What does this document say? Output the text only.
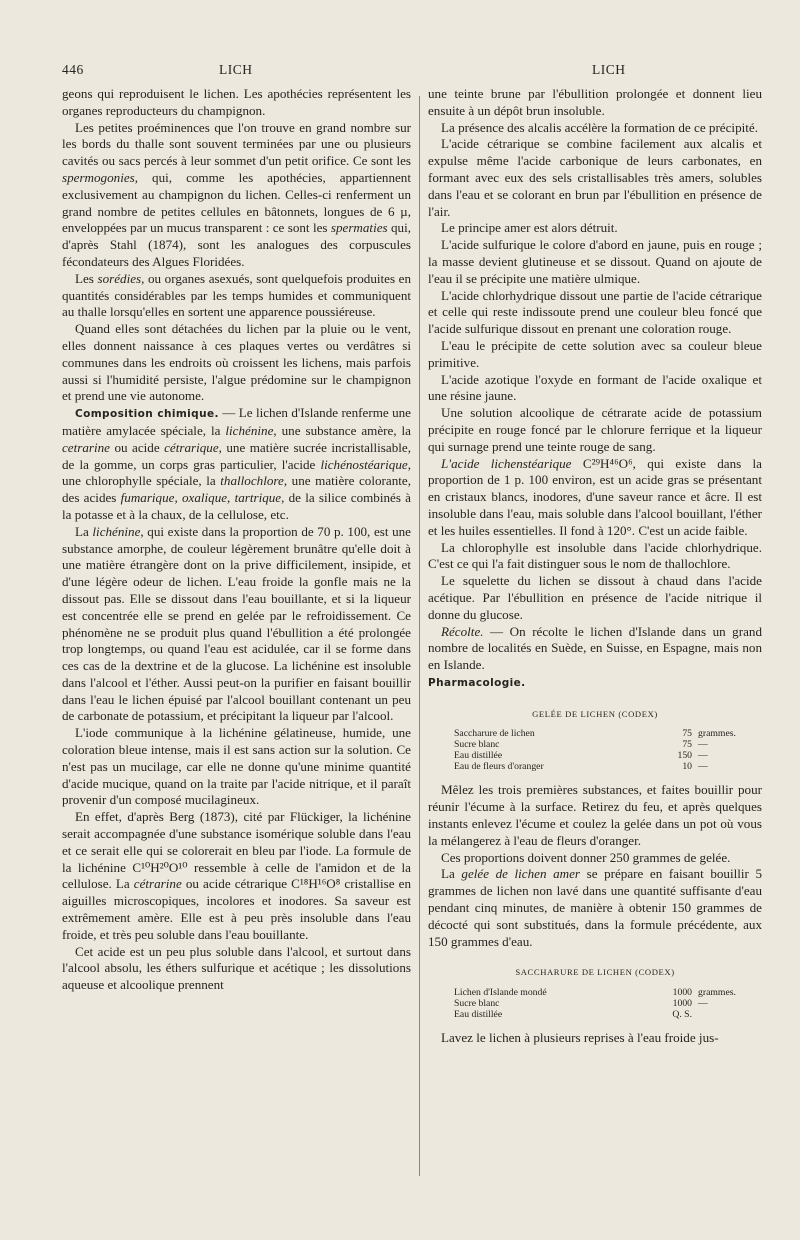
446	LICH	LICH

geons qui reproduisent le lichen. Les apothécies représentent les organes reproducteurs du champignon.

Les petites proéminences que l'on trouve en grand nombre sur les bords du thalle sont souvent terminées par une ou plusieurs cavités ou sacs percés à leur sommet d'un petit orifice. Ce sont les spermogonies, qui, comme les apothécies, appartiennent exclusivement au champignon du lichen. Celles-ci renferment un grand nombre de petites cellules en bâtonnets, longues de 6 µ, enveloppées par un mucus transparent : ce sont les spermaties qui, d'après Stahl (1874), sont les analogues des corpuscules fécondateurs des Algues Floridées.

Les sorédies, ou organes asexués, sont quelquefois produites en quantités considérables par les temps humides et communiquent au thalle lorsqu'elles en sortent une apparence poussiéreuse.

Quand elles sont détachées du lichen par la pluie ou le vent, elles donnent naissance à ces plaques vertes ou verdâtres si communes dans les endroits où croissent les lichens, mais parfois aussi si l'humidité persiste, l'algue prédomine sur le champignon et prend une vie autonome.

Composition chimique. — Le lichen d'Islande renferme une matière amylacée spéciale, la lichénine, une substance amère, la cetrarine ou acide cétrarique, une matière sucrée incristallisable, de la gomme, un corps gras particulier, l'acide lichénostéarique, une chlorophylle spéciale, la thallochlore, une matière colorante, des acides fumarique, oxalique, tartrique, de la silice combinés à la potasse et à la chaux, de la cellulose, etc.

La lichénine, qui existe dans la proportion de 70 p. 100, est une substance amorphe, de couleur légèrement brunâtre qu'elle doit à une matière étrangère dont on la prive difficilement, insipide, et d'une légère odeur de lichen. L'eau froide la gonfle mais ne la dissout pas. Elle se dissout dans l'eau bouillante, et si la liqueur est concentrée elle se prend en gelée par le refroidissement. Ce phénomène ne se produit plus quand l'ébullition a été prolongée trop longtemps, ou quand l'eau est acidulée, car il se forme dans ces cas de la dextrine et de la glucose. La lichénine est insoluble dans l'alcool et l'éther. Aussi peut-on la purifier en faisant bouillir dans l'eau le lichen épuisé par l'alcool bouillant contenant un peu de carbonate de potassium, et précipitant la liqueur par l'alcool.

L'iode communique à la lichénine gélatineuse, humide, une coloration bleue intense, mais il est sans action sur la solution. Ce n'est pas un mucilage, car elle ne donne qu'une minime quantité d'acide mucique, quand on la traite par l'acide nitrique, et il paraît provenir d'un composé mucilagineux.

En effet, d'après Berg (1873), cité par Flückiger, la lichénine serait accompagnée d'une substance isomérique soluble dans l'eau et ce serait elle qui se colorerait en bleu par l'iode. La formule de la lichénine C¹⁰H²⁰O¹⁰ ressemble à celle de l'amidon et de la cellulose. La cétrarine ou acide cétrarique C¹⁸H¹⁶O⁸ cristallise en aiguilles microscopiques, incolores et inodores. Sa saveur est extrêmement amère. Elle est à peu près insoluble dans l'eau froide, et très peu soluble dans l'eau bouillante.

Cet acide est un peu plus soluble dans l'alcool, et surtout dans l'alcool absolu, les éthers sulfurique et acétique ; les dissolutions aqueuse et alcoolique prennent

une teinte brune par l'ébullition prolongée et donnent lieu ensuite à un dépôt brun insoluble.

La présence des alcalis accélère la formation de ce précipité.

L'acide cétrarique se combine facilement aux alcalis et expulse même l'acide carbonique de leurs carbonates, en formant avec eux des sels cristallisables très amers, solubles dans l'eau et se colorant en brun par l'ébullition en présence de l'air.

Le principe amer est alors détruit.

L'acide sulfurique le colore d'abord en jaune, puis en rouge ; la masse devient glutineuse et se dissout. Quand on ajoute de l'eau il se précipite une matière ulmique.

L'acide chlorhydrique dissout une partie de l'acide cétrarique et celle qui reste indissoute prend une couleur bleu foncé que l'acide sulfurique dissout en prenant une coloration rouge.

L'eau le précipite de cette solution avec sa couleur bleue primitive.

L'acide azotique l'oxyde en formant de l'acide oxalique et une résine jaune.

Une solution alcoolique de cétrarate acide de potassium précipite en rouge foncé par le chlorure ferrique et la liqueur qui surnage prend une teinte rouge de sang.

L'acide lichenstéarique C²⁹H⁴⁶O⁶, qui existe dans la proportion de 1 p. 100 environ, est un acide gras se présentant en cristaux blancs, inodores, d'une saveur rance et âcre. Il est insoluble dans l'eau, mais soluble dans l'alcool bouillant, l'éther et les huiles essentielles. Il fond à 120°. C'est un acide faible.

La chlorophylle est insoluble dans l'acide chlorhydrique. C'est ce qui l'a fait distinguer sous le nom de thallochlore.

Le squelette du lichen se dissout à chaud dans l'acide acétique. Par l'ébullition en présence de l'acide nitrique il donne du glucose.

Récolte. — On récolte le lichen d'Islande dans un grand nombre de localités en Suède, en Suisse, en Espagne, mais non en Islande.

Pharmacologie.

GELÉE DE LICHEN (CODEX)

Saccharure de lichen	75	grammes.
Sucre blanc	75	—
Eau distillée	150	—
Eau de fleurs d'oranger	10	—

Mêlez les trois premières substances, et faites bouillir pour réunir l'écume à la surface. Retirez du feu, et après quelques instants enlevez l'écume et coulez la gelée dans un pot où vous la mélangerez à l'eau de fleurs d'oranger.

Ces proportions doivent donner 250 grammes de gelée.

La gelée de lichen amer se prépare en faisant bouillir 5 grammes de lichen non lavé dans une quantité suffisante d'eau pendant cinq minutes, de manière à obtenir 150 grammes de décocté qui sont substitués, dans la formule précédente, aux 150 grammes d'eau.

SACCHARURE DE LICHEN (CODEX)

Lichen d'Islande mondé	1000	grammes.
Sucre blanc	1000	—
Eau distillée	Q. S.	

Lavez le lichen à plusieurs reprises à l'eau froide jus-
